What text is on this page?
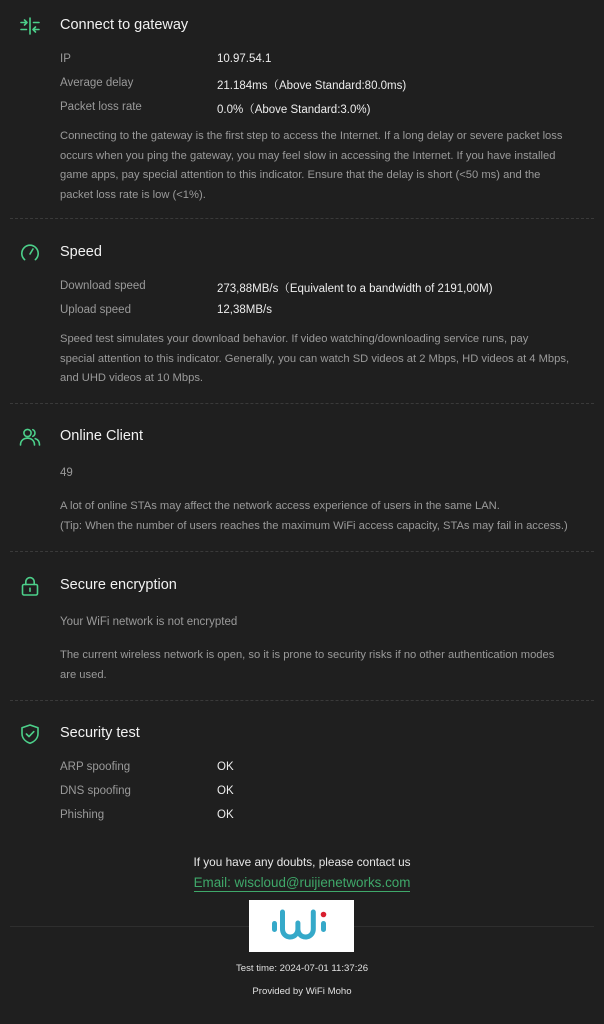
Connect to gateway
IP	10.97.54.1
Average delay	21.184ms（Above Standard:80.0ms)
Packet loss rate	0.0%（Above Standard:3.0%)
Connecting to the gateway is the first step to access the Internet. If a long delay or severe packet loss
occurs when you ping the gateway, you may feel slow in accessing the Internet. If you have installed
game apps, pay special attention to this indicator. Ensure that the delay is short (<50 ms) and the
packet loss rate is low (<1%).
Speed
Download speed	273,88MB/s（Equivalent to a bandwidth of 2191,00M)
Upload speed	12,38MB/s
Speed test simulates your download behavior. If video watching/downloading service runs, pay
special attention to this indicator. Generally, you can watch SD videos at 2 Mbps, HD videos at 4 Mbps,
and UHD videos at 10 Mbps.
Online Client
49
A lot of online STAs may affect the network access experience of users in the same LAN.
(Tip: When the number of users reaches the maximum WiFi access capacity, STAs may fail in access.)
Secure encryption
Your WiFi network is not encrypted
The current wireless network is open, so it is prone to security risks if no other authentication modes
are used.
Security test
ARP spoofing	OK
DNS spoofing	OK
Phishing	OK
If you have any doubts, please contact us
Email: wiscloud@ruijienetworks.com
Test time: 2024-07-01 11:37:26
Provided by WiFi Moho
